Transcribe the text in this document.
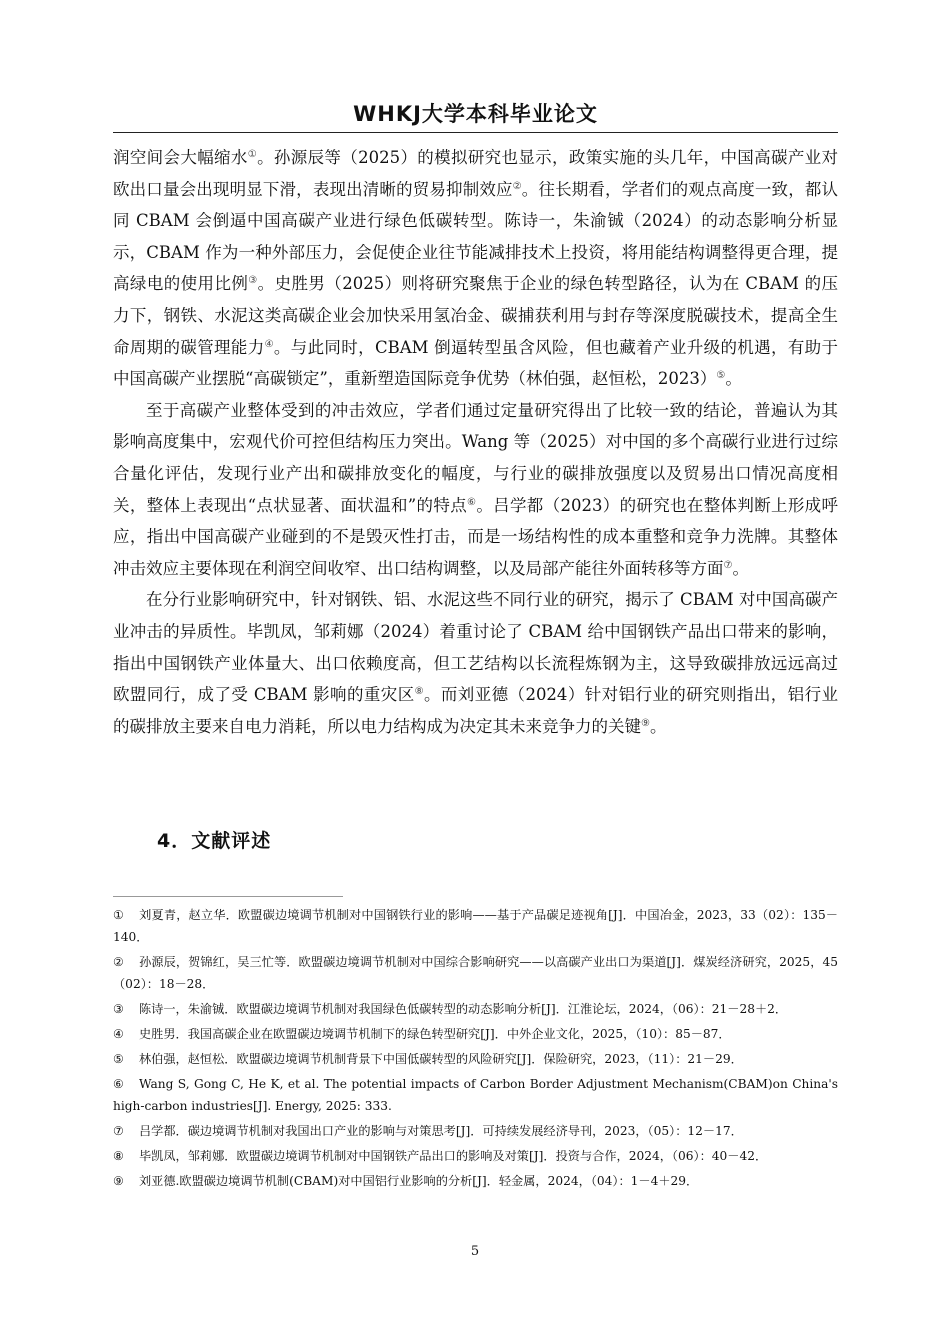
WHKJ大学本科毕业论文

润空间会大幅缩水①。孙源辰等（2025）的模拟研究也显示，政策实施的头几年，中国高碳产业对欧出口量会出现明显下滑，表现出清晰的贸易抑制效应②。往长期看，学者们的观点高度一致，都认同 CBAM 会倒逼中国高碳产业进行绿色低碳转型。陈诗一，朱渝铖（2024）的动态影响分析显示，CBAM 作为一种外部压力，会促使企业往节能减排技术上投资，将用能结构调整得更合理，提高绿电的使用比例③。史胜男（2025）则将研究聚焦于企业的绿色转型路径，认为在 CBAM 的压力下，钢铁、水泥这类高碳企业会加快采用氢冶金、碳捕获利用与封存等深度脱碳技术，提高全生命周期的碳管理能力④。与此同时，CBAM 倒逼转型虽含风险，但也藏着产业升级的机遇，有助于中国高碳产业摆脱“高碳锁定”，重新塑造国际竞争优势（林伯强，赵恒松，2023）⑤。

至于高碳产业整体受到的冲击效应，学者们通过定量研究得出了比较一致的结论，普遍认为其影响高度集中，宏观代价可控但结构压力突出。Wang 等（2025）对中国的多个高碳行业进行过综合量化评估，发现行业产出和碳排放变化的幅度，与行业的碳排放强度以及贸易出口情况高度相关，整体上表现出“点状显著、面状温和”的特点⑥。吕学都（2023）的研究也在整体判断上形成呼应，指出中国高碳产业碰到的不是毁灭性打击，而是一场结构性的成本重整和竞争力洗牌。其整体冲击效应主要体现在利润空间收窄、出口结构调整，以及局部产能往外面转移等方面⑦。

在分行业影响研究中，针对钢铁、铝、水泥这些不同行业的研究，揭示了 CBAM 对中国高碳产业冲击的异质性。毕凯凤，邹莉娜（2024）着重讨论了 CBAM 给中国钢铁产品出口带来的影响，指出中国钢铁产业体量大、出口依赖度高，但工艺结构以长流程炼钢为主，这导致碳排放远远高过欧盟同行，成了受 CBAM 影响的重灾区⑧。而刘亚德（2024）针对铝行业的研究则指出，铝行业的碳排放主要来自电力消耗，所以电力结构成为决定其未来竞争力的关键⑨。

4．文献评述

① 刘夏青，赵立华．欧盟碳边境调节机制对中国钢铁行业的影响——基于产品碳足迹视角[J]．中国冶金，2023，33（02）：135－140．

② 孙源辰，贺锦红，吴三忙等．欧盟碳边境调节机制对中国综合影响研究——以高碳产业出口为渠道[J]．煤炭经济研究，2025，45（02）：18－28．

③ 陈诗一，朱渝铖．欧盟碳边境调节机制对我国绿色低碳转型的动态影响分析[J]．江淮论坛，2024，（06）：21－28＋2．

④ 史胜男．我国高碳企业在欧盟碳边境调节机制下的绿色转型研究[J]．中外企业文化，2025，（10）：85－87．

⑤ 林伯强，赵恒松．欧盟碳边境调节机制背景下中国低碳转型的风险研究[J]．保险研究，2023，（11）：21－29．

⑥ Wang S, Gong C, He K, et al. The potential impacts of Carbon Border Adjustment Mechanism(CBAM)on China's high-carbon industries[J]. Energy, 2025: 333.

⑦ 吕学都．碳边境调节机制对我国出口产业的影响与对策思考[J]．可持续发展经济导刊，2023，（05）：12－17．

⑧ 毕凯凤，邹莉娜．欧盟碳边境调节机制对中国钢铁产品出口的影响及对策[J]．投资与合作，2024，（06）：40－42．

⑨ 刘亚德.欧盟碳边境调节机制(CBAM)对中国铝行业影响的分析[J]．轻金属，2024，（04）：1－4＋29．

5
